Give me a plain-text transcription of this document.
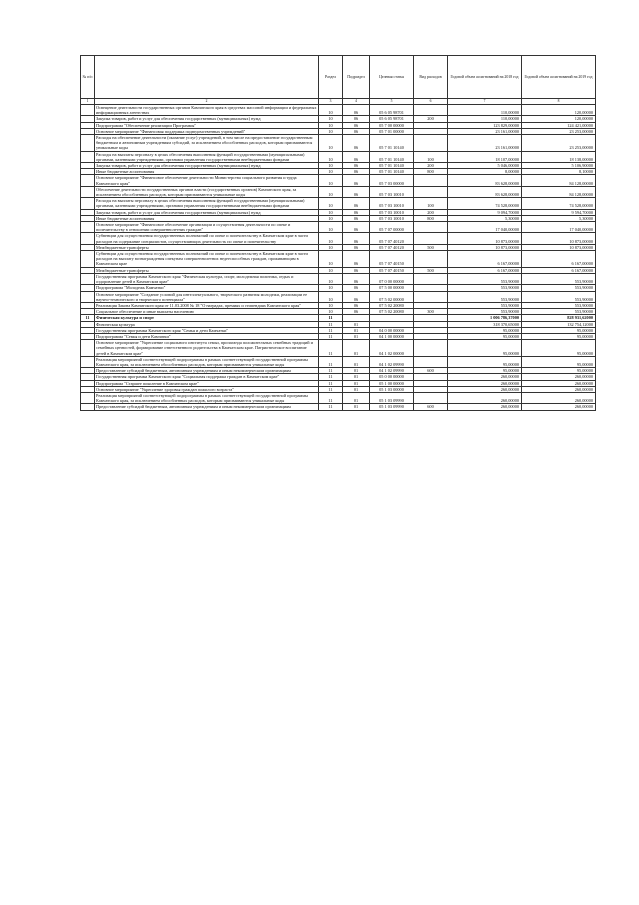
№ п/п		Раздел	Подраздел	Целевая статья	Вид расходов	Годовой объем ассигнований на 2018 год	Годовой объем ассигнований на 2019 год
1	2	3	4	5	6	7	8
	Освещение деятельности государственных органов Камчатского края в средствах массовой информации и федеральных информационных агентствах	10	06	05 6 05 98701		110,00000	120,00000
	Закупка товаров, работ и услуг для обеспечения государственных (муниципальных) нужд	10	06	05 6 05 98701	200	110,00000	120,00000
	Подпрограмма "Обеспечение реализации Программы"	10	06	05 7 00 00000		123 829,00000	124 421,00000
	Основное мероприятие "Финансовая поддержка подведомственных учреждений"	10	06	05 7 01 00000		23 161,00000	23 253,00000
	Расходы на обеспечение деятельности (оказание услуг) учреждений, в том числе на предоставление государственным бюджетным и автономным учреждениям субсидий, за исключением обособленных расходов, которым присваиваются уникальные коды	10	06	05 7 01 10140		23 161,00000	23 253,00000
	Расходы на выплаты персоналу в целях обеспечения выполнения функций государственными (муниципальными) органами, казенными учреждениями, органами управления государственными внебюджетными фондами	10	06	05 7 01 10140	100	18 107,00000	18 138,00000
	Закупка товаров, работ и услуг для обеспечения государственных (муниципальных) нужд	10	06	05 7 01 10140	200	5 046,00000	5 106,90000
	Иные бюджетные ассигнования	10	06	05 7 01 10140	800	8,00000	8,10000
	Основное мероприятие "Финансовое обеспечение деятельности Министерства социального развития и труда Камчатского края"	10	06	05 7 03 00000		83 628,00000	84 128,00000
	Обеспечение деятельности государственных органов власти (государственных органов) Камчатского края, за исключением обособленных расходов, которым присваиваются уникальные коды	10	06	05 7 03 10010		83 628,00000	84 128,00000
	Расходы на выплаты персоналу в целях обеспечения выполнения функций государственными (муниципальными) органами, казенными учреждениями, органами управления государственными внебюджетными фондами	10	06	05 7 03 10010	100	74 528,00000	74 528,00000
	Закупка товаров, работ и услуг для обеспечения государственных (муниципальных) нужд	10	06	05 7 03 10010	200	9 094,70000	9 594,70000
	Иные бюджетные ассигнования	10	06	05 7 03 10010	800	5,30000	5,30000
	Основное мероприятие "Финансовое обеспечение организации и осуществления деятельности по опеке и попечительству в отношении совершеннолетних граждан"	10	06	05 7 07 00000		17 040,00000	17 040,00000
	Субвенции для осуществления государственных полномочий по опеке и попечительству в Камчатском крае в части расходов на содержание специалистов, осуществляющих деятельность по опеке и попечительству	10	06	05 7 07 40120		10 873,00000	10 873,00000
	Межбюджетные трансферты	10	06	05 7 07 40120	500	10 873,00000	10 873,00000
	Субвенции для осуществления государственных полномочий по опеке и попечительству в Камчатском крае в части расходов на выплату вознаграждения опекунам совершеннолетних недееспособных граждан, проживающим в Камчатском крае	10	06	05 7 07 40150		6 167,00000	6 167,00000
	Межбюджетные трансферты	10	06	05 7 07 40150	500	6 167,00000	6 167,00000
	Государственная программа Камчатского края "Физическая культура, спорт, молодежная политика, отдых и оздоровление детей в Камчатском крае"	10	06	07 0 00 00000		553,90000	553,90000
	Подпрограмма "Молодежь Камчатки"	10	06	07 5 00 00000		553,90000	553,90000
	Основное мероприятие "Создание условий для интеллектуального, творческого развития молодежи, реализации ее научно-технического и творческого потенциала"	10	06	07 5 02 00000		553,90000	553,90000
	Реализация Закона Камчатского края от 11.03.2008 № 18 "О наградах, премиях и стипендиях Камчатского края"	10	06	07 5 02 20080		553,90000	553,90000
	Социальное обеспечение и иные выплаты населению	10	06	07 5 02 20080	300	553,90000	553,90000
11	Физическая культура и спорт	11				1 006 786,37000	828 931,62000
	Физическая культура	11	01			318 370,65000	132 754,12000
	Государственная программа Камчатского края "Семья и дети Камчатки"	11	01	04 0 00 00000		95,00000	95,00000
	Подпрограмма "Семья и дети Камчатки"	11	01	04 1 00 00000		95,00000	95,00000
	Основное мероприятие "Укрепление социального института семьи, пропаганда положительных семейных традиций и семейных ценностей, формирование ответственного родительства в Камчатском крае. Патриотическое воспитание детей в Камчатском крае"	11	01	04 1 02 00000		95,00000	95,00000
	Реализация мероприятий соответствующей подпрограммы в рамках соответствующей государственной программы Камчатского края, за исключением обособленных расходов, которым присваиваются уникальные коды	11	01	04 1 02 09990		95,00000	95,00000
	Предоставление субсидий бюджетным, автономным учреждениям и иным некоммерческим организациям	11	01	04 1 02 09990	600	95,00000	95,00000
	Государственная программа Камчатского края "Социальная поддержка граждан в Камчатском крае"	11	01	05 0 00 00000		260,00000	260,00000
	Подпрограмма "Старшее поколение в Камчатском крае"	11	01	05 1 00 00000		260,00000	260,00000
	Основное мероприятие "Укрепление здоровья граждан пожилого возраста"	11	01	05 1 03 00000		260,00000	260,00000
	Реализация мероприятий соответствующей подпрограммы в рамках соответствующей государственной программы Камчатского края, за исключением обособленных расходов, которым присваиваются уникальные коды	11	01	05 1 03 09990		260,00000	260,00000
	Предоставление субсидий бюджетным, автономным учреждениям и иным некоммерческим организациям	11	01	05 1 03 09990	600	260,00000	260,00000
